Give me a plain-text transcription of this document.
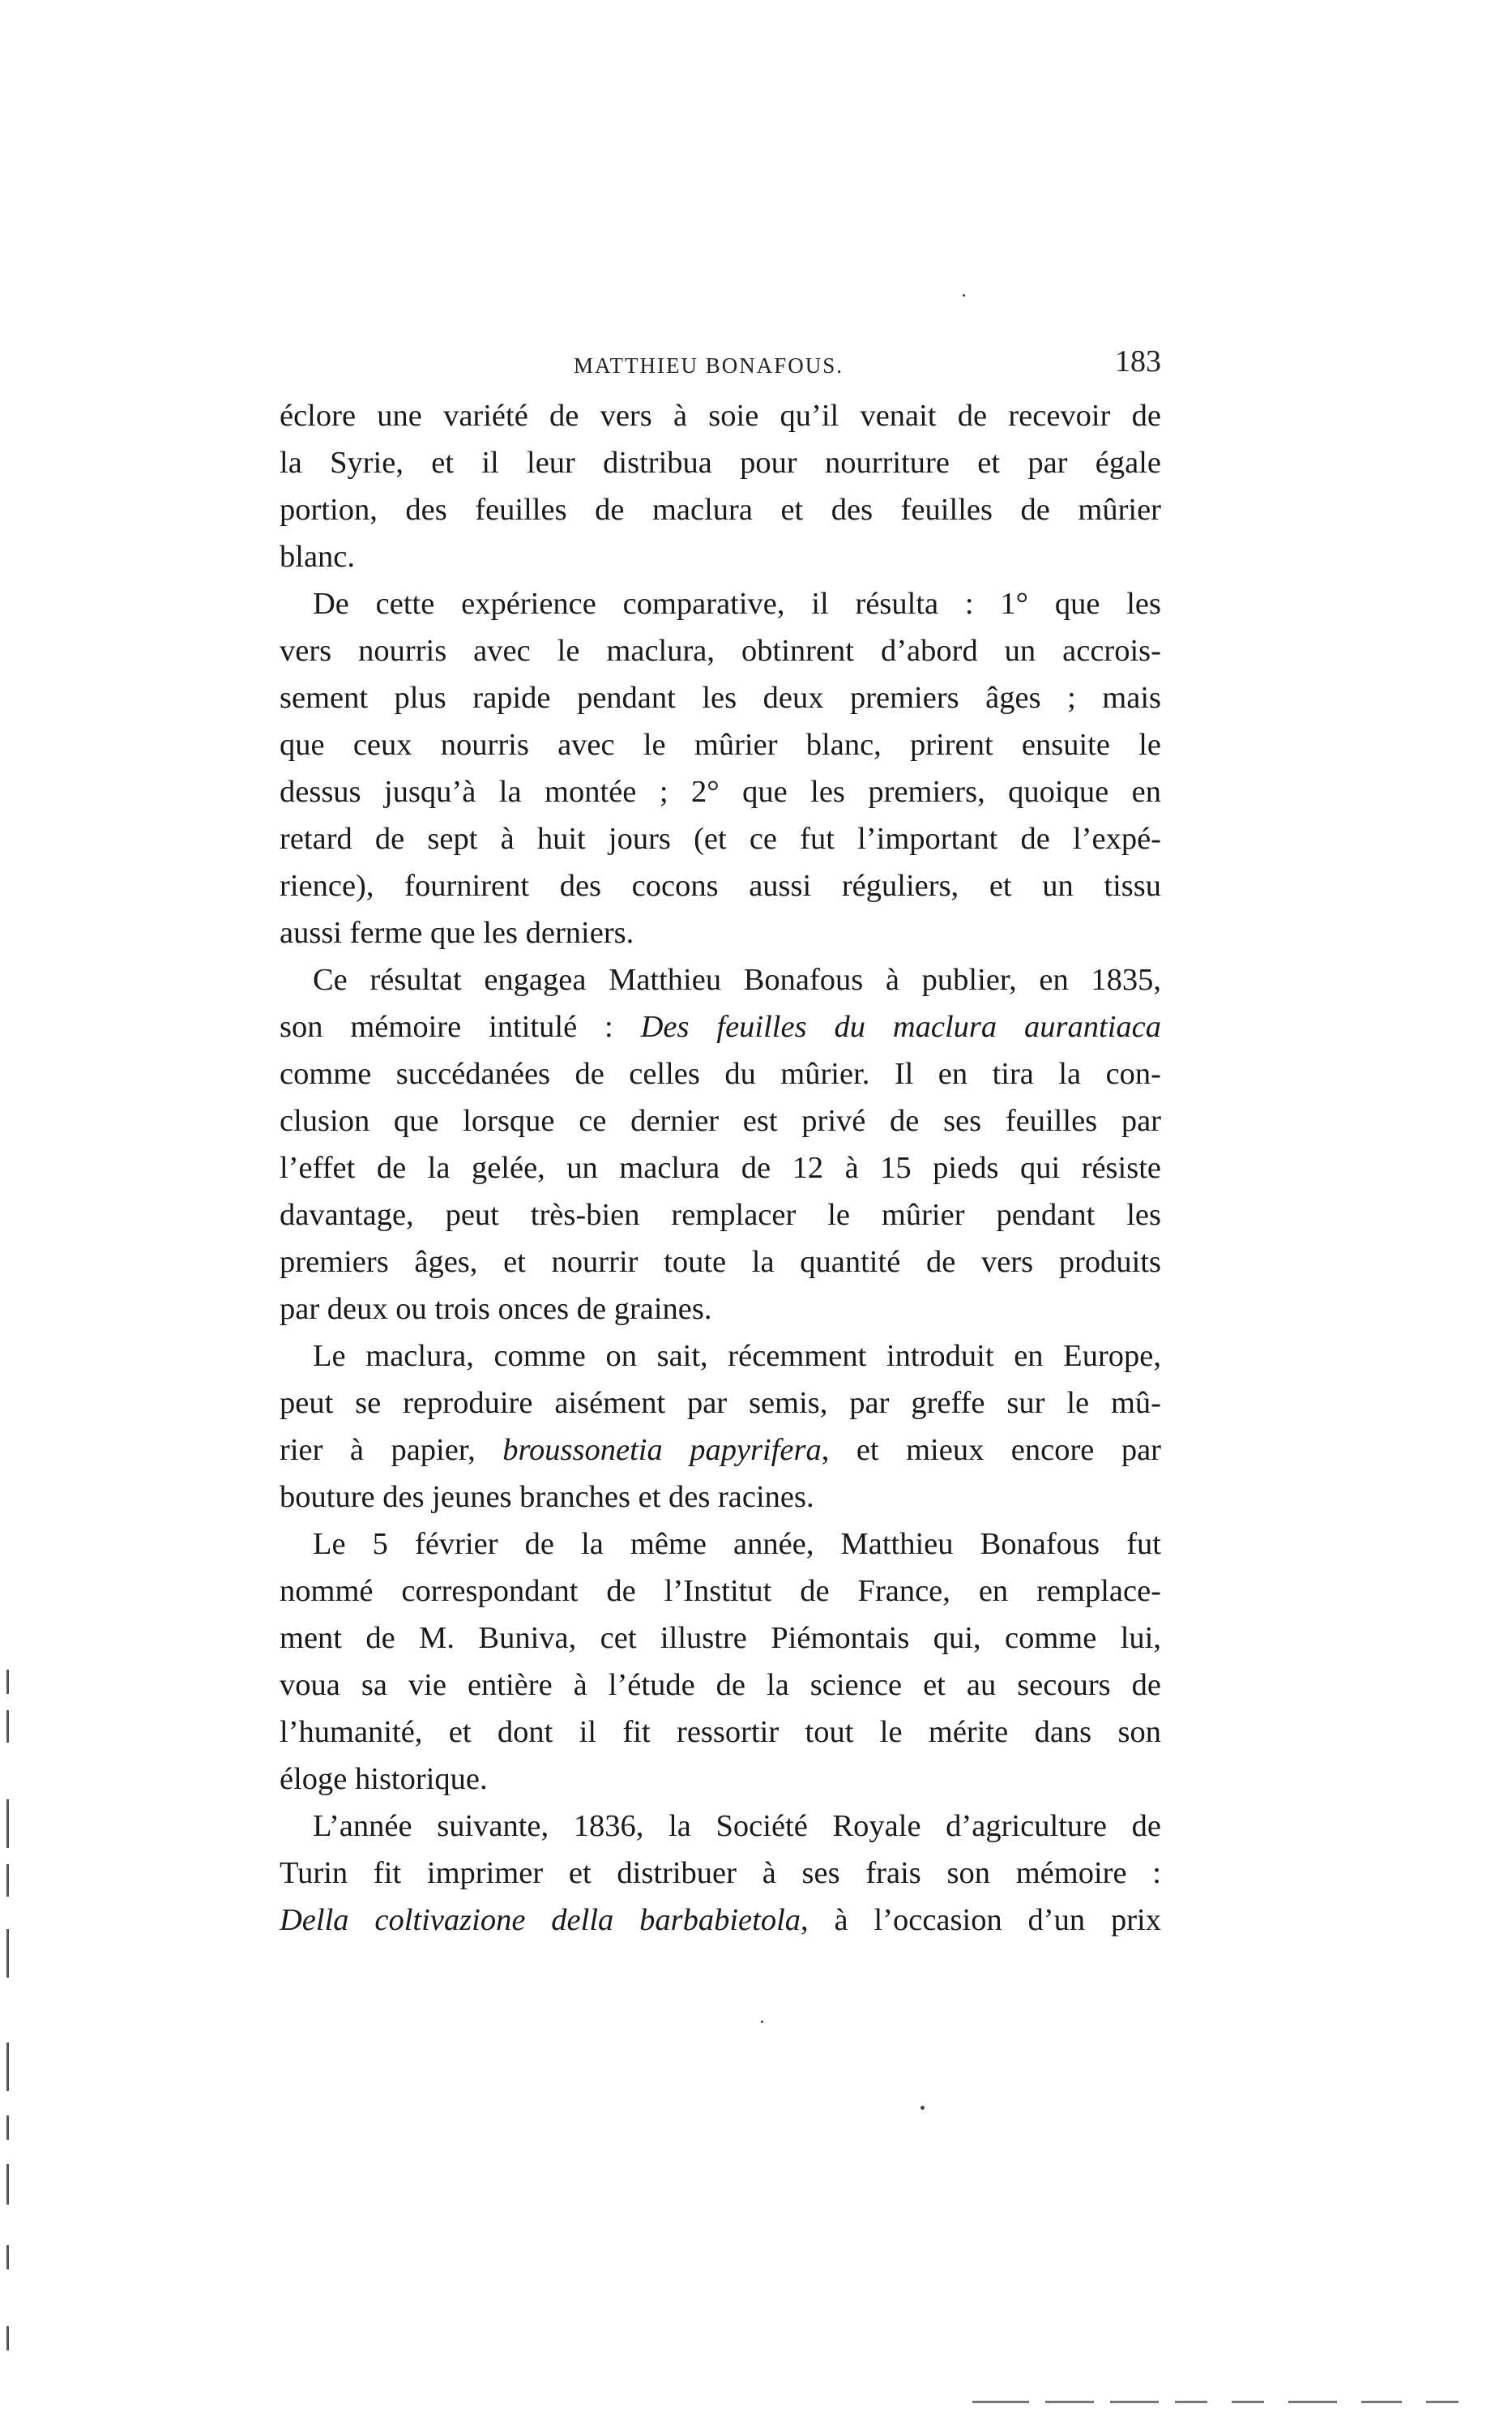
MATTHIEU BONAFOUS.	183
éclore une variété de vers à soie qu’il venait de recevoir de
la Syrie, et il leur distribua pour nourriture et par égale
portion, des feuilles de maclura et des feuilles de mûrier
blanc.
De cette expérience comparative, il résulta : 1° que les
vers nourris avec le maclura, obtinrent d’abord un accrois-
sement plus rapide pendant les deux premiers âges ; mais
que ceux nourris avec le mûrier blanc, prirent ensuite le
dessus jusqu’à la montée ; 2° que les premiers, quoique en
retard de sept à huit jours (et ce fut l’important de l’expé-
rience), fournirent des cocons aussi réguliers, et un tissu
aussi ferme que les derniers.
Ce résultat engagea Matthieu Bonafous à publier, en 1835,
son mémoire intitulé : Des feuilles du maclura aurantiaca
comme succédanées de celles du mûrier. Il en tira la con-
clusion que lorsque ce dernier est privé de ses feuilles par
l’effet de la gelée, un maclura de 12 à 15 pieds qui résiste
davantage, peut très-bien remplacer le mûrier pendant les
premiers âges, et nourrir toute la quantité de vers produits
par deux ou trois onces de graines.
Le maclura, comme on sait, récemment introduit en Europe,
peut se reproduire aisément par semis, par greffe sur le mû-
rier à papier, broussonetia papyrifera, et mieux encore par
bouture des jeunes branches et des racines.
Le 5 février de la même année, Matthieu Bonafous fut
nommé correspondant de l’Institut de France, en remplace-
ment de M. Buniva, cet illustre Piémontais qui, comme lui,
voua sa vie entière à l’étude de la science et au secours de
l’humanité, et dont il fit ressortir tout le mérite dans son
éloge historique.
L’année suivante, 1836, la Société Royale d’agriculture de
Turin fit imprimer et distribuer à ses frais son mémoire :
Della coltivazione della barbabietola, à l’occasion d’un prix
